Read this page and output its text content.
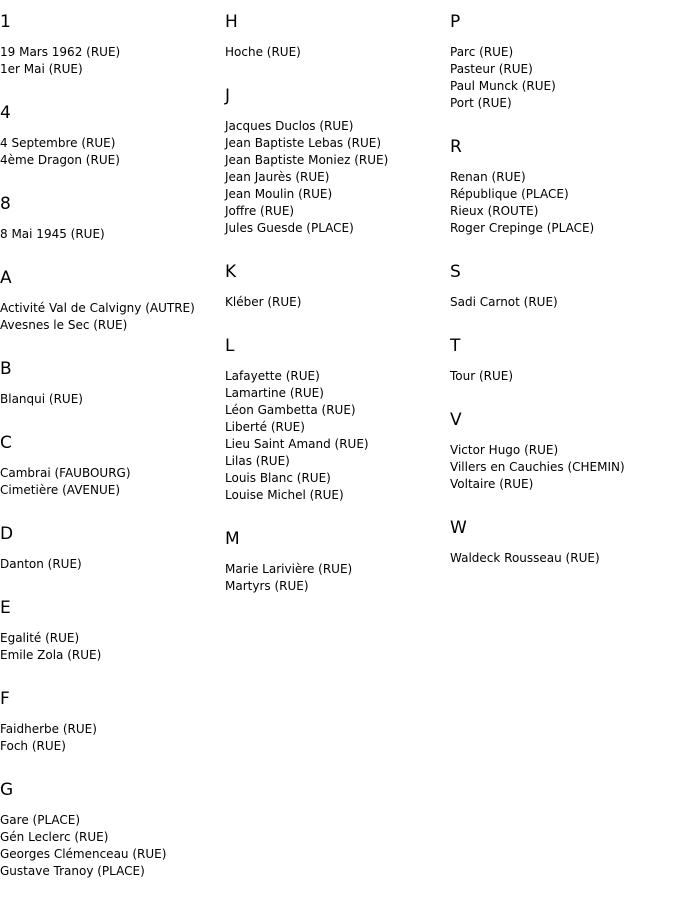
1
19 Mars 1962 (RUE)
1er Mai (RUE)
4
4 Septembre (RUE)
4ème Dragon (RUE)
8
8 Mai 1945 (RUE)
A
Activité Val de Calvigny (AUTRE)
Avesnes le Sec (RUE)
B
Blanqui (RUE)
C
Cambrai (FAUBOURG)
Cimetière (AVENUE)
D
Danton (RUE)
E
Egalité (RUE)
Emile Zola (RUE)
F
Faidherbe (RUE)
Foch (RUE)
G
Gare (PLACE)
Gén Leclerc (RUE)
Georges Clémenceau (RUE)
Gustave Tranoy (PLACE)
H
Hoche (RUE)
J
Jacques Duclos (RUE)
Jean Baptiste Lebas (RUE)
Jean Baptiste Moniez (RUE)
Jean Jaurès (RUE)
Jean Moulin (RUE)
Joffre (RUE)
Jules Guesde (PLACE)
K
Kléber (RUE)
L
Lafayette (RUE)
Lamartine (RUE)
Léon Gambetta (RUE)
Liberté (RUE)
Lieu Saint Amand (RUE)
Lilas (RUE)
Louis Blanc (RUE)
Louise Michel (RUE)
M
Marie Larivière (RUE)
Martyrs (RUE)
P
Parc (RUE)
Pasteur (RUE)
Paul Munck (RUE)
Port (RUE)
R
Renan (RUE)
République (PLACE)
Rieux (ROUTE)
Roger Crepinge (PLACE)
S
Sadi Carnot (RUE)
T
Tour (RUE)
V
Victor Hugo (RUE)
Villers en Cauchies (CHEMIN)
Voltaire (RUE)
W
Waldeck Rousseau (RUE)
